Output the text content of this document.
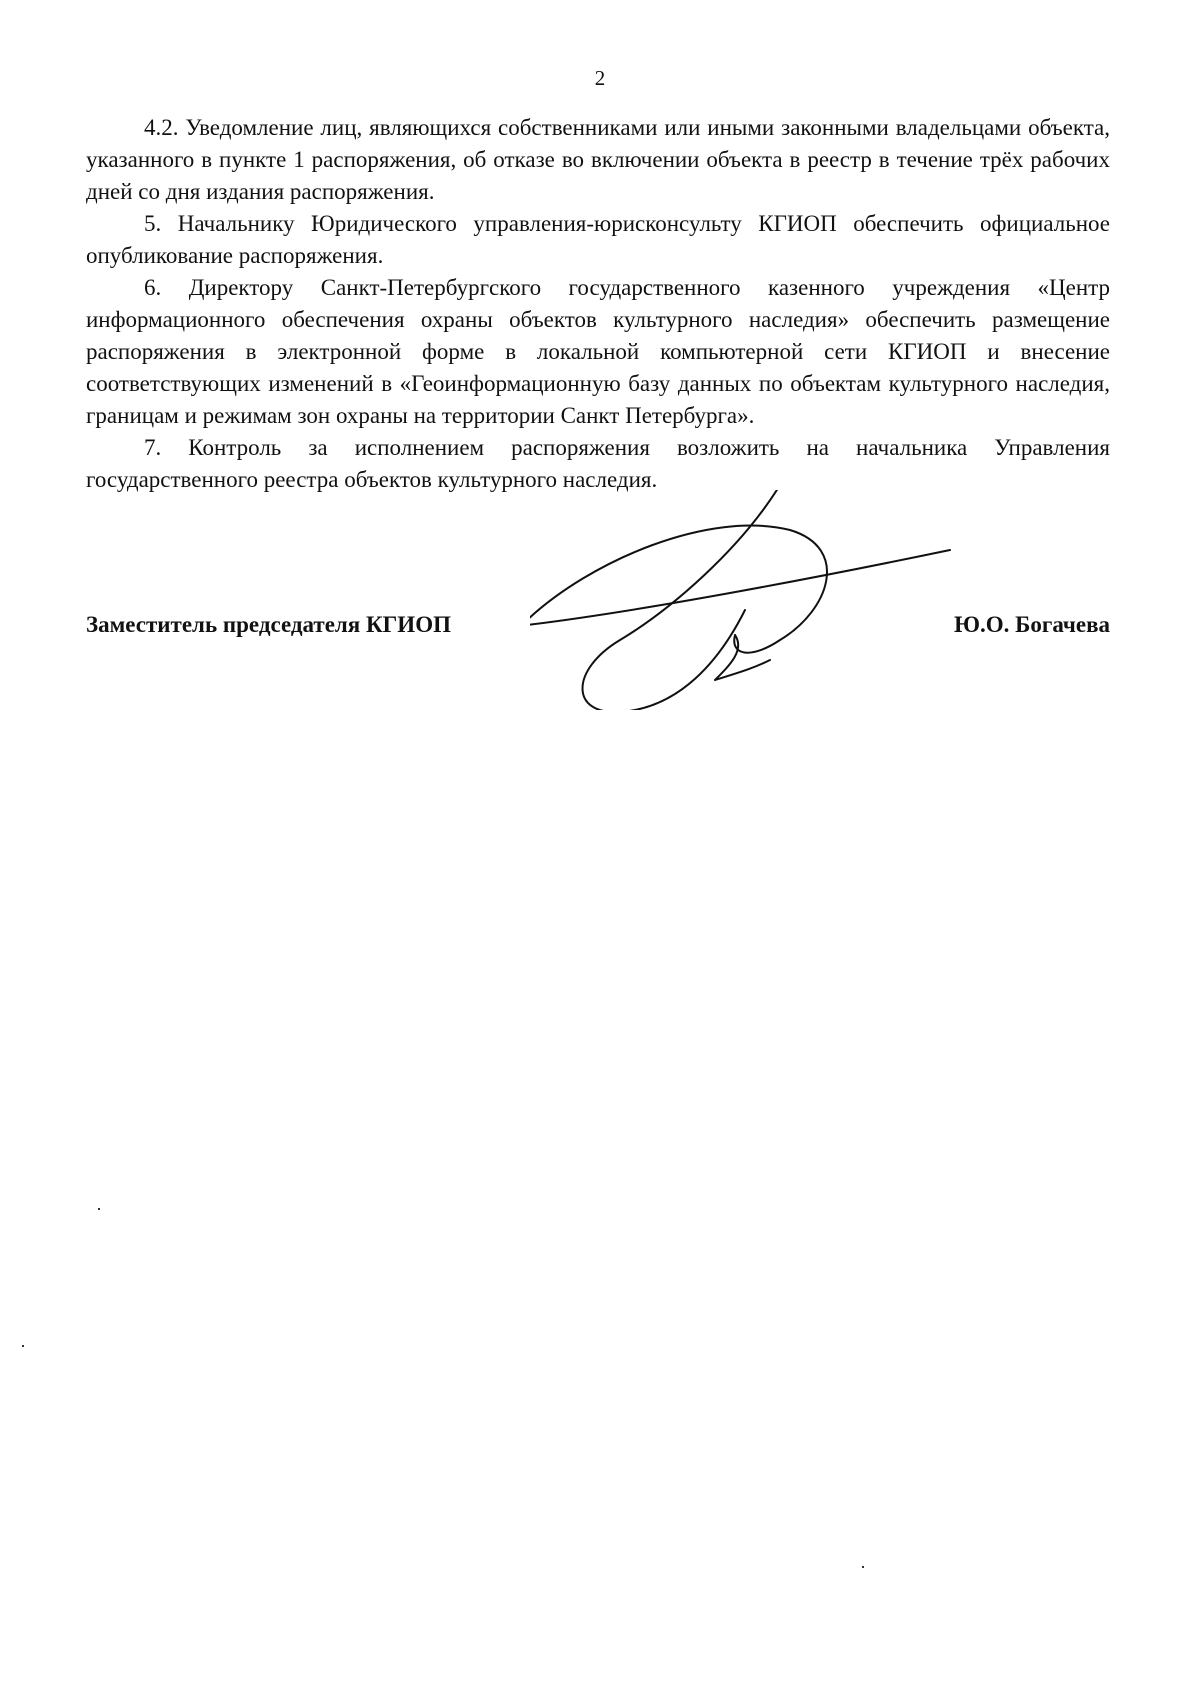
2

4.2. Уведомление лиц, являющихся собственниками или иными законными владельцами объекта, указанного в пункте 1 распоряжения, об отказе во включении объекта в реестр в течение трёх рабочих дней со дня издания распоряжения.

5. Начальнику Юридического управления-юрисконсульту КГИОП обеспечить официальное опубликование распоряжения.

6. Директору Санкт-Петербургского государственного казенного учреждения «Центр информационного обеспечения охраны объектов культурного наследия» обеспечить размещение распоряжения в электронной форме в локальной компьютерной сети КГИОП и внесение соответствующих изменений в «Геоинформационную базу данных по объектам культурного наследия, границам и режимам зон охраны на территории Санкт Петербурга».

7. Контроль за исполнением распоряжения возложить на начальника Управления государственного реестра объектов культурного наследия.

Заместитель председателя КГИОП	Ю.О. Богачева
